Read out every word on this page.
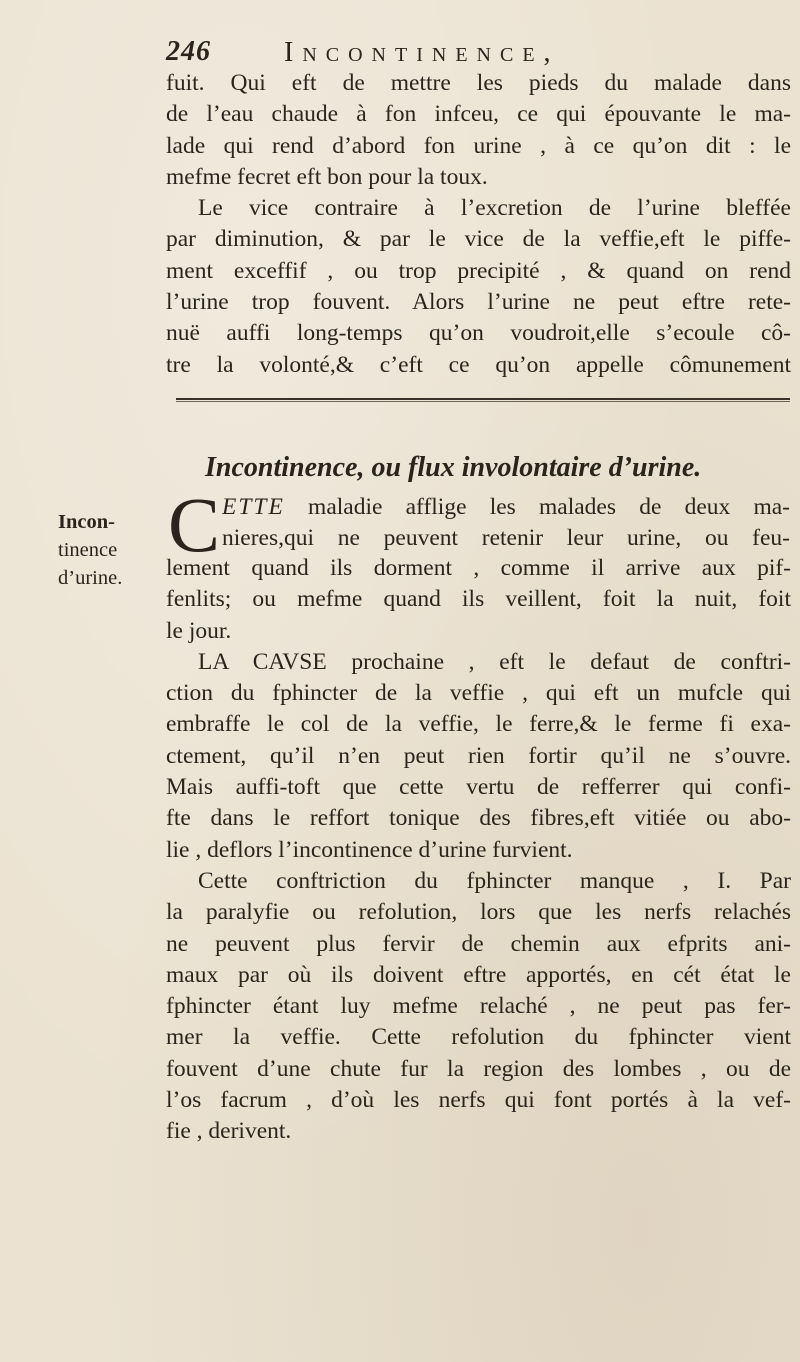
246	Incontinence,
fuit. Qui eft de mettre les pieds du malade dans
de l’eau chaude à fon infceu, ce qui épouvante le ma-
lade qui rend d’abord fon urine , à ce qu’on dit : le
mefme fecret eft bon pour la toux.
Le vice contraire à l’excretion de l’urine bleffée
par diminution, & par le vice de la veffie,eft le piffe-
ment exceffif , ou trop precipité , & quand on rend
l’urine trop fouvent. Alors l’urine ne peut eftre rete-
nuë auffi long-temps qu’on voudroit,elle s’ecoule cô-
tre la volonté,& c’eft ce qu’on appelle cômunement
Incontinence, ou flux involontaire d’urine.
Incon-
tinence
d’urine.
C ETTE maladie afflige les malades de deux ma-
nieres,qui ne peuvent retenir leur urine, ou feu-
lement quand ils dorment , comme il arrive aux pif-
fenlits; ou mefme quand ils veillent, foit la nuit, foit
le jour.
LA CAVSE prochaine , eft le defaut de conftri-
ction du fphincter de la veffie , qui eft un mufcle qui
embraffe le col de la veffie, le ferre,& le ferme fi exa-
ctement, qu’il n’en peut rien fortir qu’il ne s’ouvre.
Mais auffi-toft que cette vertu de refferrer qui confi-
fte dans le reffort tonique des fibres,eft vitiée ou abo-
lie , deflors l’incontinence d’urine furvient.
Cette conftriction du fphincter manque , I. Par
la paralyfie ou refolution, lors que les nerfs relachés
ne peuvent plus fervir de chemin aux efprits ani-
maux par où ils doivent eftre apportés, en cét état le
fphincter étant luy mefme relaché , ne peut pas fer-
mer la veffie. Cette refolution du fphincter vient
fouvent d’une chute fur la region des lombes , ou de
l’os facrum , d’où les nerfs qui font portés à la vef-
fie , derivent.
